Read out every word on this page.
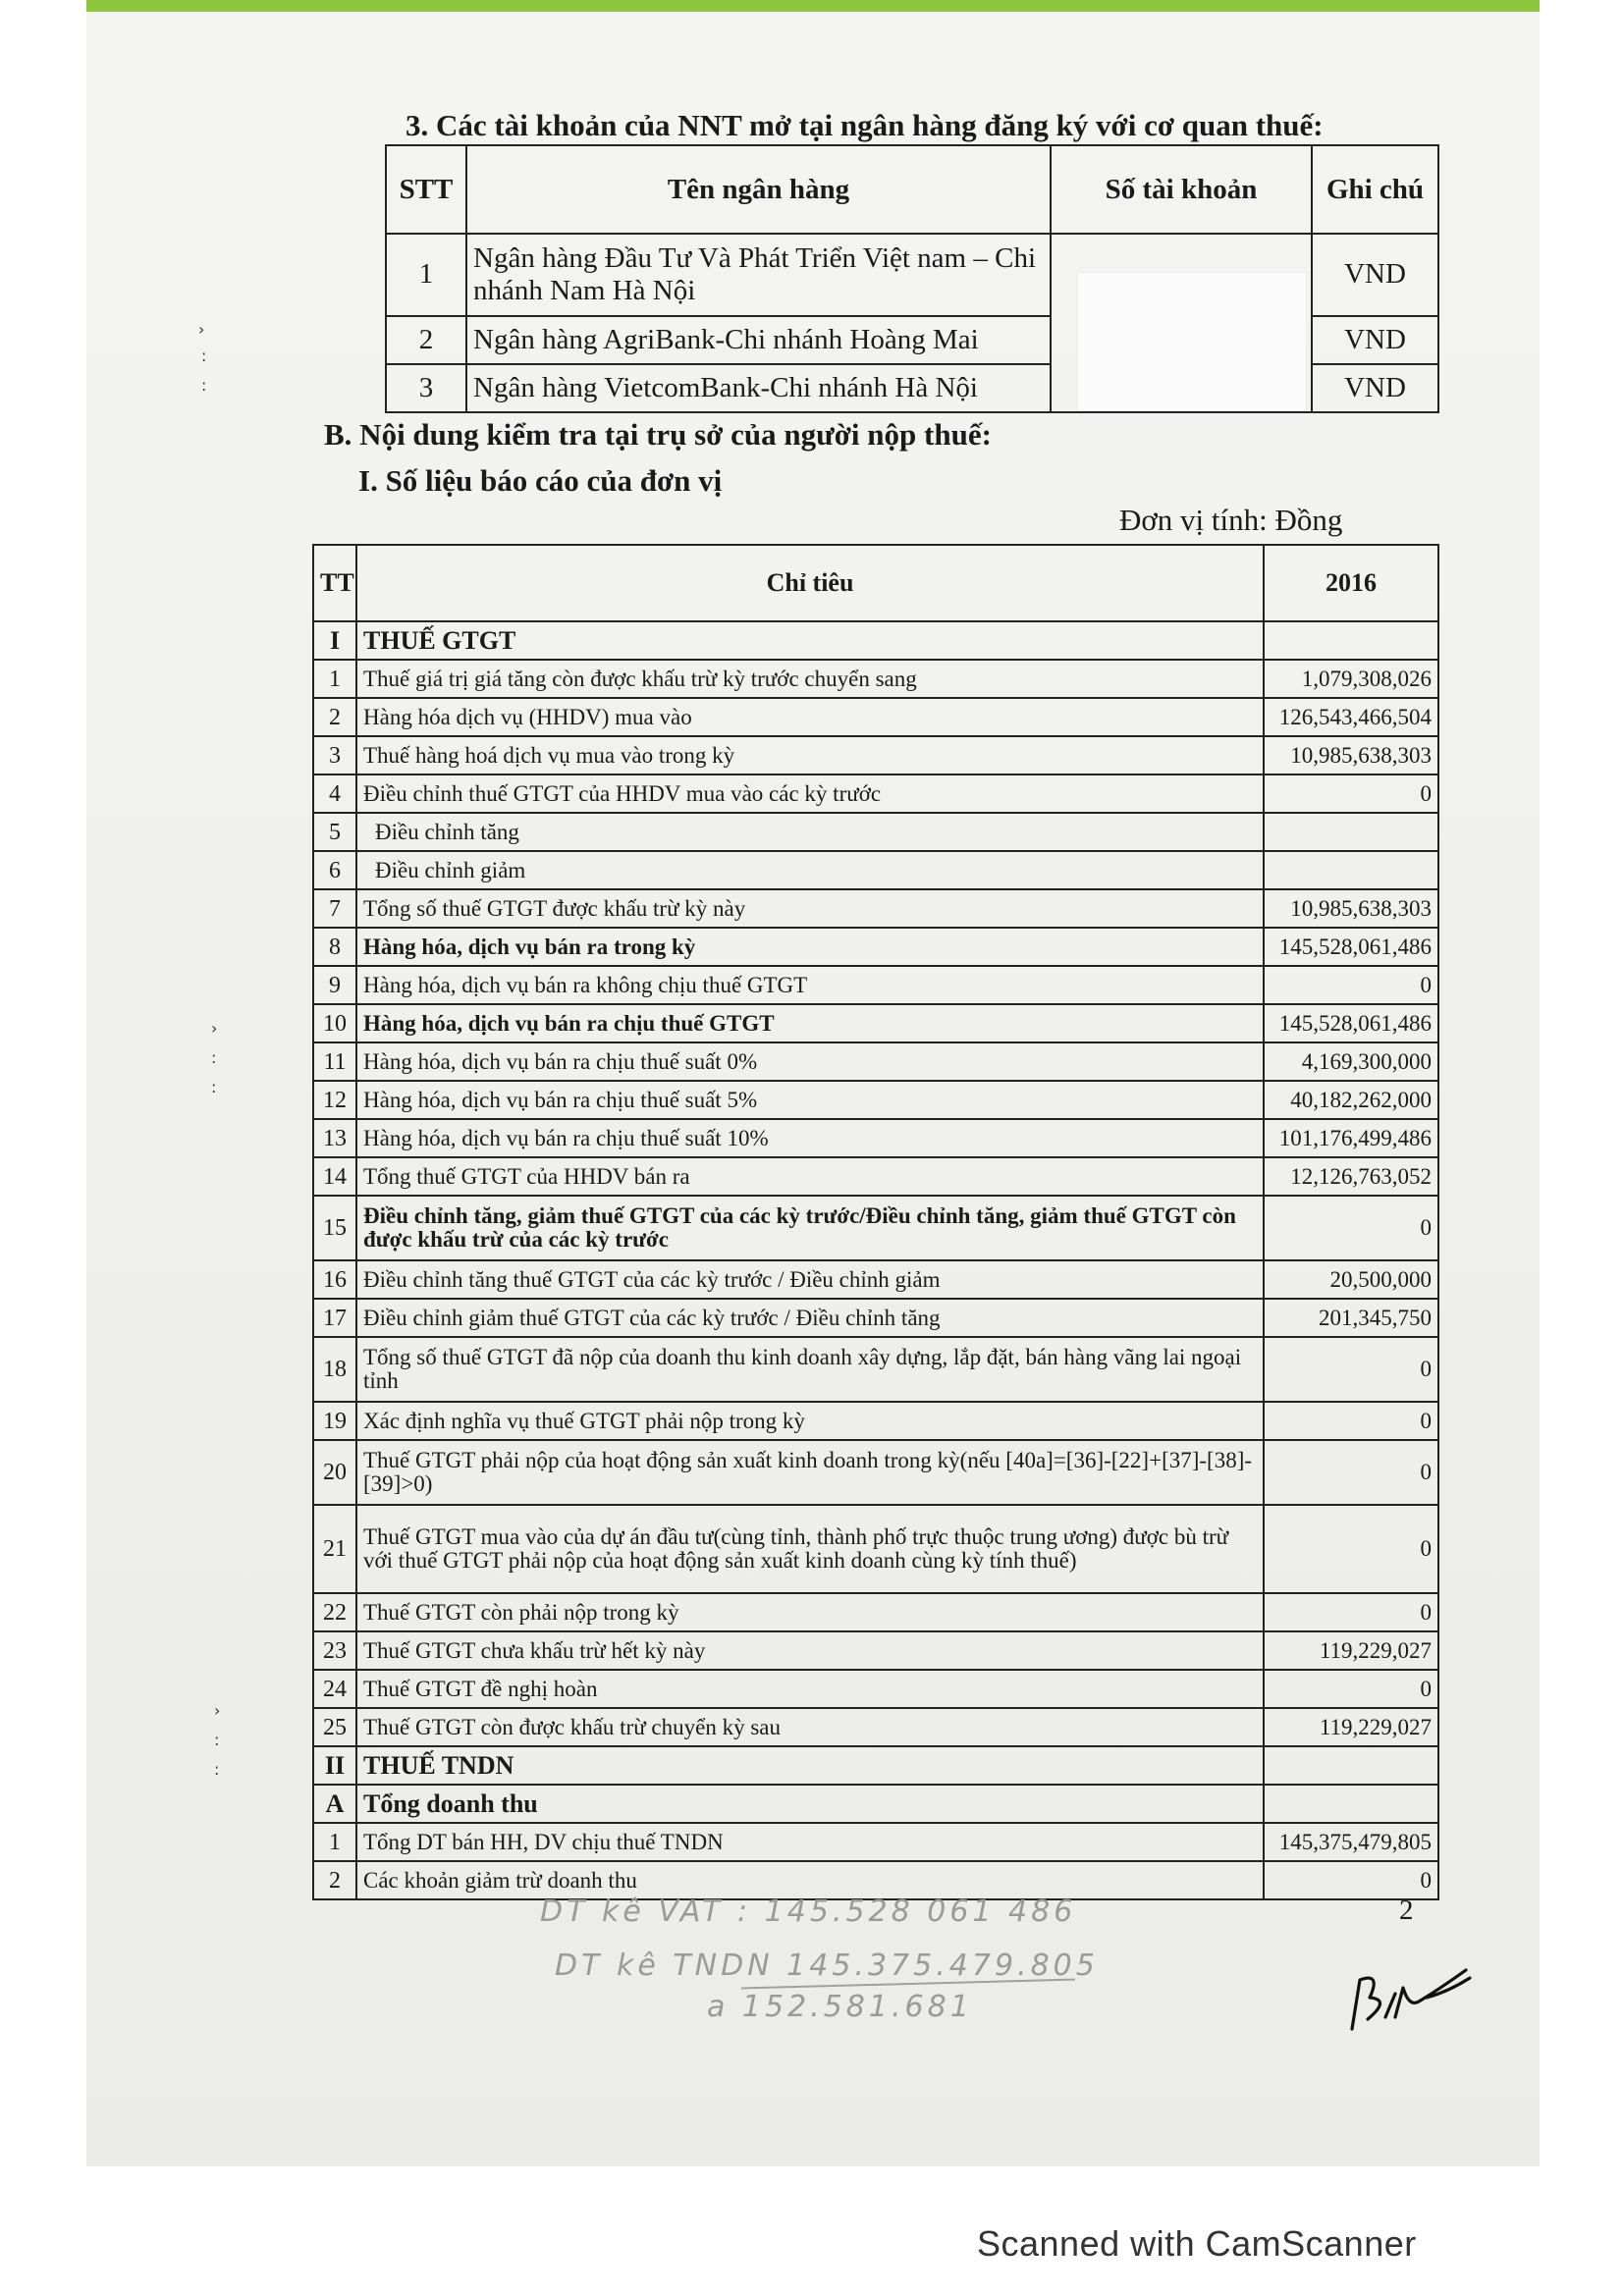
›
:
:
›
:
:
›
:
:
3. Các tài khoản của NNT mở tại ngân hàng đăng ký với cơ quan thuế:
STT	Tên ngân hàng	Số tài khoản	Ghi chú
1	Ngân hàng Đầu Tư Và Phát Triển Việt nam – Chi nhánh Nam Hà Nội		VND
2	Ngân hàng AgriBank-Chi nhánh Hoàng Mai		VND
3	Ngân hàng VietcomBank-Chi nhánh Hà Nội		VND
B. Nội dung kiểm tra tại trụ sở của người nộp thuế:
I. Số liệu báo cáo của đơn vị
Đơn vị tính: Đồng
TT	Chỉ tiêu	2016
I	THUẾ GTGT	
1	Thuế giá trị giá tăng còn được khấu trừ kỳ trước chuyển sang	1,079,308,026
2	Hàng hóa dịch vụ (HHDV) mua vào	126,543,466,504
3	Thuế hàng hoá dịch vụ mua vào trong kỳ	10,985,638,303
4	Điều chỉnh thuế GTGT của HHDV mua vào các kỳ trước	0
5	Điều chỉnh tăng	
6	Điều chỉnh giảm	
7	Tổng số thuế GTGT được khấu trừ kỳ này	10,985,638,303
8	Hàng hóa, dịch vụ bán ra trong kỳ	145,528,061,486
9	Hàng hóa, dịch vụ bán ra không chịu thuế GTGT	0
10	Hàng hóa, dịch vụ bán ra chịu thuế GTGT	145,528,061,486
11	Hàng hóa, dịch vụ bán ra chịu thuế suất 0%	4,169,300,000
12	Hàng hóa, dịch vụ bán ra chịu thuế suất 5%	40,182,262,000
13	Hàng hóa, dịch vụ bán ra chịu thuế suất 10%	101,176,499,486
14	Tổng thuế GTGT của HHDV bán ra	12,126,763,052
15	Điều chỉnh tăng, giảm thuế GTGT của các kỳ trước/Điều chỉnh tăng, giảm thuế GTGT còn được khấu trừ của các kỳ trước	0
16	Điều chỉnh tăng thuế GTGT của các kỳ trước / Điều chỉnh giảm	20,500,000
17	Điều chỉnh giảm thuế GTGT của các kỳ trước / Điều chỉnh tăng	201,345,750
18	Tổng số thuế GTGT đã nộp của doanh thu kinh doanh xây dựng, lắp đặt, bán hàng vãng lai ngoại tỉnh	0
19	Xác định nghĩa vụ thuế GTGT phải nộp trong kỳ	0
20	Thuế GTGT phải nộp của hoạt động sản xuất kinh doanh trong kỳ(nếu [40a]=[36]-[22]+[37]-[38]-[39]>0)	0
21	Thuế GTGT mua vào của dự án đầu tư(cùng tỉnh, thành phố trực thuộc trung ương) được bù trừ với thuế GTGT phải nộp của hoạt động sản xuất kinh doanh cùng kỳ tính thuế)	0
22	Thuế GTGT còn phải nộp trong kỳ	0
23	Thuế GTGT chưa khấu trừ hết kỳ này	119,229,027
24	Thuế GTGT đề nghị hoàn	0
25	Thuế GTGT còn được khấu trừ chuyển kỳ sau	119,229,027
II	THUẾ TNDN	
A	Tổng doanh thu	
1	Tổng DT bán HH, DV chịu thuế TNDN	145,375,479,805
2	Các khoản giảm trừ doanh thu	0
2
DT kê VAT : 145.528 061 486
DT kê TNDN 145.375.479.805
a 152.581.681
Scanned with CamScanner
